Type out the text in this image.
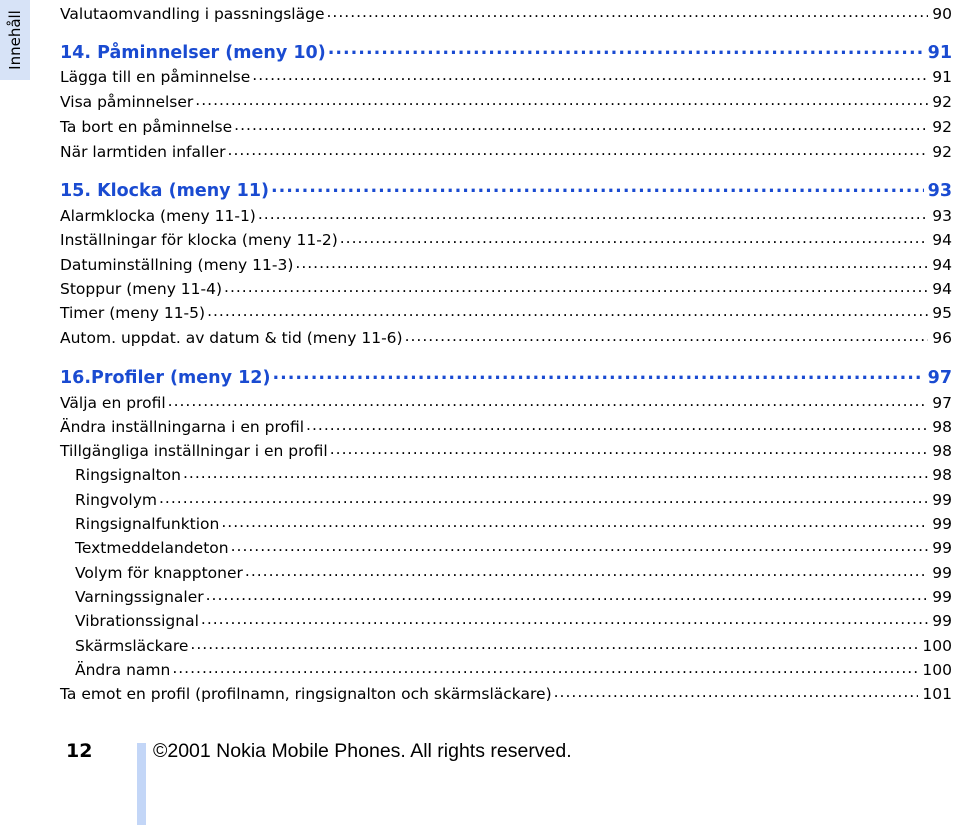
Innehåll Valutaomvandling i passningsläge .....	90
14. Påminnelser (meny 10) .....	91
Lägga till en påminnelse .....	91
Visa påminnelser .....	92
Ta bort en påminnelse .....	92
När larmtiden infaller .....	92
15. Klocka (meny 11) .....	93
Alarmklocka (meny 11-1) .....	93
Inställningar för klocka (meny 11-2) .....	94
Datuminställning (meny 11-3) .....	94
Stoppur (meny 11-4) .....	94
Timer (meny 11-5) .....	95
Autom. uppdat. av datum & tid (meny 11-6) .....	96
16.Profiler (meny 12) .....	97
Välja en profil .....	97
Ändra inställningarna i en profil .....	98
Tillgängliga inställningar i en profil .....	98
Ringsignalton .....	98
Ringvolym .....	99
Ringsignalfunktion .....	99
Textmeddelandeton .....	99
Volym för knapptoner .....	99
Varningssignaler .....	99
Vibrationssignal .....	99
Skärmsläckare .....	100
Ändra namn .....	100
Ta emot en profil (profilnamn, ringsignalton och skärmsläckare) .....	101
12	©2001 Nokia Mobile Phones. All rights reserved.
